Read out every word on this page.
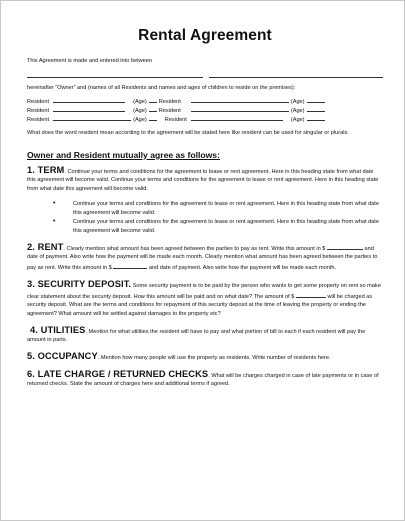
Rental Agreement
This Agreement is made and entered into between
hereinafter “Owner” and (names of all Residents and names and ages of children to reside on the premises):
Resident		(Age)		Resident		(Age)	
Resident		(Age)		Resident		(Age)	
Resident		(Age)		Resident		(Age)	
What does the word resident mean according to the agreement will be stated here like resident can be used for singular or plurals.
Owner and Resident mutually agree as follows:
1. TERM. Continue your terms and conditions for the agreement to lease or rent agreement. Here in this heading state from what date this agreement will become valid. Continue your terms and conditions for the agreement to lease or rent agreement. Here in this heading state from what date this agreement will become valid.
•	Continue your terms and conditions for the agreement to lease or rent agreement. Here in this heading state from what date this agreement will become valid.
•	Continue your terms and conditions for the agreement to lease or rent agreement. Here in this heading state from what date this agreement will become valid.
2. RENT. Clearly mention what amount has been agreed between the parties to pay as rent. Write this amount in $	and date of payment. Also write how the payment will be made each month. Clearly mention what amount has been agreed between the parties to pay as rent. Write this amount in $	and date of payment. Also write how the payment will be made each month.
3. SECURITY DEPOSIT. Some security payment is to be paid by the person who wants to get some property on rent so make clear statement about the security deposit. How this amount will be paid and on what date? The amount of $	will be charged as security deposit. What are the terms and conditions for repayment of this security deposit at the time of leaving the property or ending the agreement? What amount will be settled against damages to the property etc?
4. UTILITIES. Mention for what utilities the resident will have to pay and what portion of bill to each if each resident will pay the amount in parts.
5. OCCUPANCY. Mention how many people will use the property as residents. Write number of residents here.
6. LATE CHARGE / RETURNED CHECKS. What will be charges charged in case of late payments or in case of returned checks. State the amount of charges here and additional terms if agreed.
